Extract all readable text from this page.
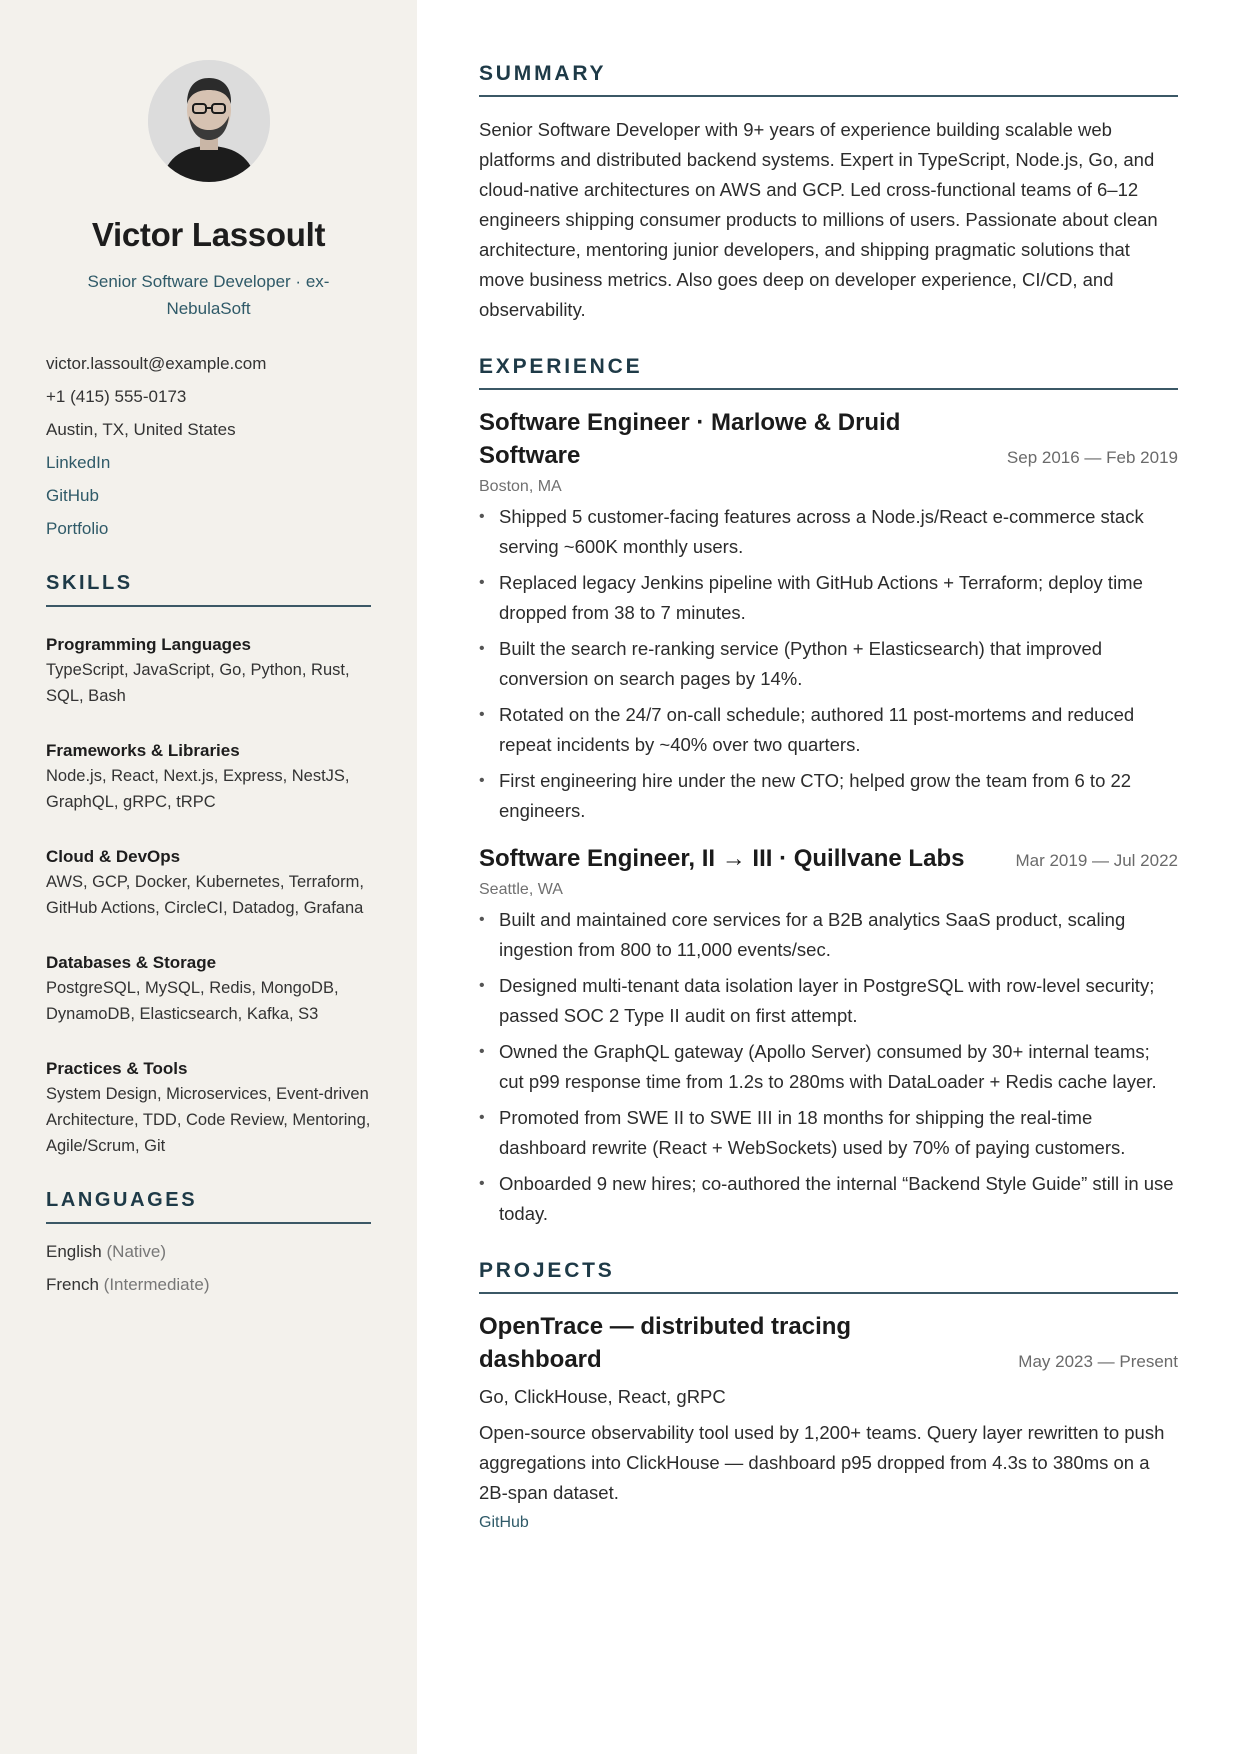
Victor Lassoult
Senior Software Developer · ex-NebulaSoft
victor.lassoult@example.com
+1 (415) 555-0173
Austin, TX, United States
LinkedIn
GitHub
Portfolio
SKILLS
Programming Languages
TypeScript, JavaScript, Go, Python, Rust, SQL, Bash
Frameworks & Libraries
Node.js, React, Next.js, Express, NestJS, GraphQL, gRPC, tRPC
Cloud & DevOps
AWS, GCP, Docker, Kubernetes, Terraform, GitHub Actions, CircleCI, Datadog, Grafana
Databases & Storage
PostgreSQL, MySQL, Redis, MongoDB, DynamoDB, Elasticsearch, Kafka, S3
Practices & Tools
System Design, Microservices, Event-driven Architecture, TDD, Code Review, Mentoring, Agile/Scrum, Git
LANGUAGES
English (Native)
French (Intermediate)
SUMMARY
Senior Software Developer with 9+ years of experience building scalable web platforms and distributed backend systems. Expert in TypeScript, Node.js, Go, and cloud-native architectures on AWS and GCP. Led cross-functional teams of 6–12 engineers shipping consumer products to millions of users. Passionate about clean architecture, mentoring junior developers, and shipping pragmatic solutions that move business metrics. Also goes deep on developer experience, CI/CD, and observability.
EXPERIENCE
Software Engineer · Marlowe & Druid Software	Sep 2016 — Feb 2019
Boston, MA
• Shipped 5 customer-facing features across a Node.js/React e-commerce stack serving ~600K monthly users.
• Replaced legacy Jenkins pipeline with GitHub Actions + Terraform; deploy time dropped from 38 to 7 minutes.
• Built the search re-ranking service (Python + Elasticsearch) that improved conversion on search pages by 14%.
• Rotated on the 24/7 on-call schedule; authored 11 post-mortems and reduced repeat incidents by ~40% over two quarters.
• First engineering hire under the new CTO; helped grow the team from 6 to 22 engineers.
Software Engineer, II → III · Quillvane Labs	Mar 2019 — Jul 2022
Seattle, WA
• Built and maintained core services for a B2B analytics SaaS product, scaling ingestion from 800 to 11,000 events/sec.
• Designed multi-tenant data isolation layer in PostgreSQL with row-level security; passed SOC 2 Type II audit on first attempt.
• Owned the GraphQL gateway (Apollo Server) consumed by 30+ internal teams; cut p99 response time from 1.2s to 280ms with DataLoader + Redis cache layer.
• Promoted from SWE II to SWE III in 18 months for shipping the real-time dashboard rewrite (React + WebSockets) used by 70% of paying customers.
• Onboarded 9 new hires; co-authored the internal “Backend Style Guide” still in use today.
PROJECTS
OpenTrace — distributed tracing dashboard	May 2023 — Present
Go, ClickHouse, React, gRPC
Open-source observability tool used by 1,200+ teams. Query layer rewritten to push aggregations into ClickHouse — dashboard p95 dropped from 4.3s to 380ms on a 2B-span dataset.
GitHub
